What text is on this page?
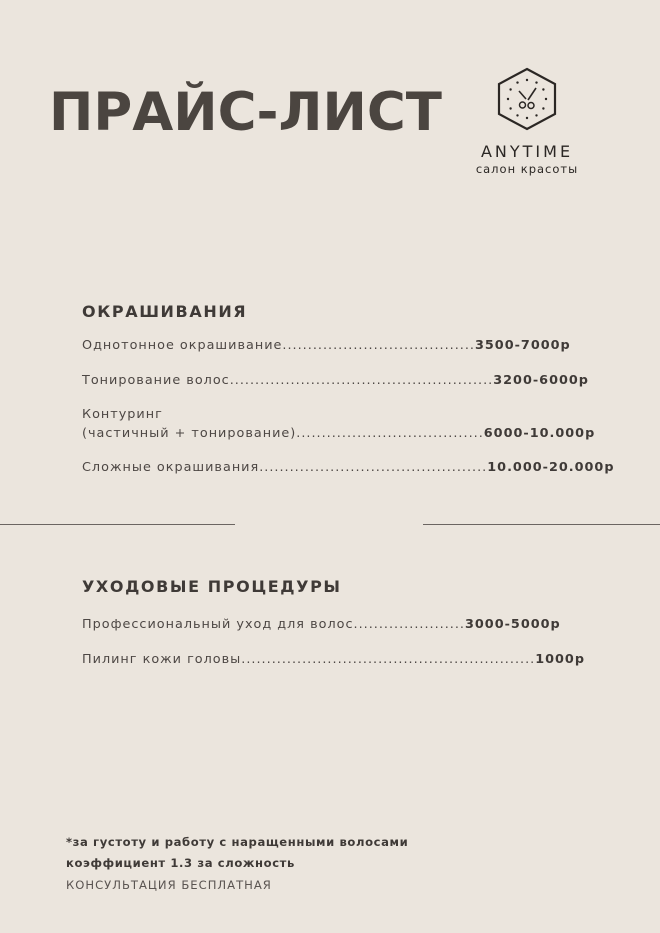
ПРАЙС-ЛИСТ
ANYTIME
салон красоты
ОКРАШИВАНИЯ
Однотонное окрашивание......................................3500-7000р
Тонирование волос....................................................3200-6000р
Контуринг
(частичный + тонирование).....................................6000-10.000р
Сложные окрашивания.............................................10.000-20.000р
УХОДОВЫЕ ПРОЦЕДУРЫ
Профессиональный уход для волос......................3000-5000р
Пилинг кожи головы..........................................................1000р
*за густоту и работу с наращенными волосами
коэффициент 1.3 за сложность
КОНСУЛЬТАЦИЯ БЕСПЛАТНАЯ
